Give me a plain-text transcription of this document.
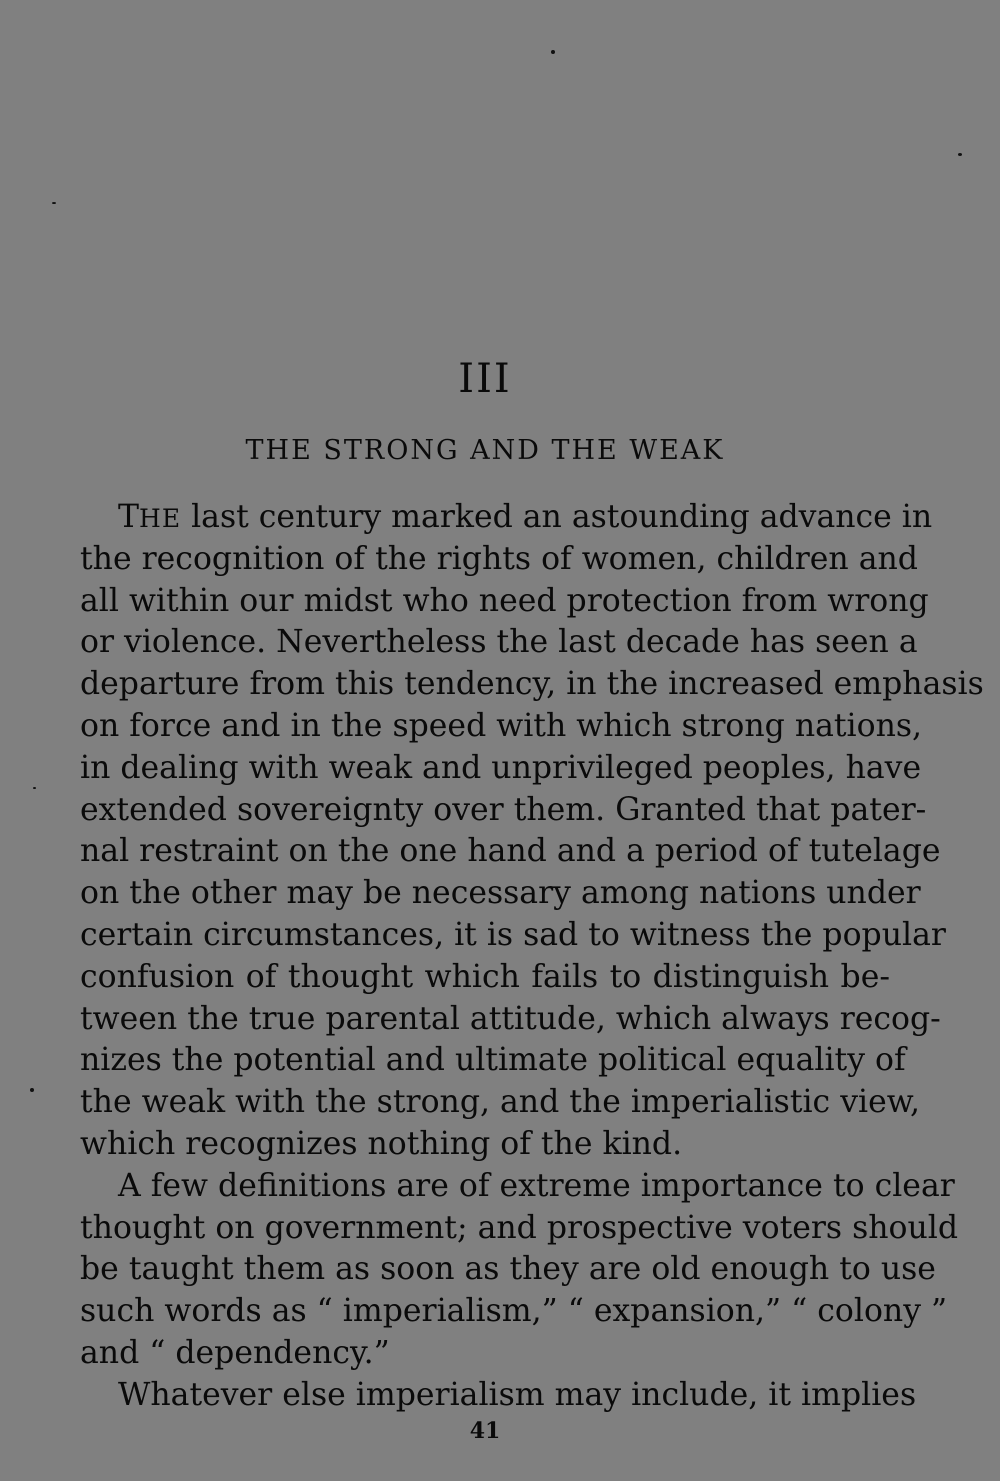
III
THE STRONG AND THE WEAK
THE last century marked an astounding advance in
the recognition of the rights of women, children and
all within our midst who need protection from wrong
or violence. Nevertheless the last decade has seen a
departure from this tendency, in the increased emphasis
on force and in the speed with which strong nations,
in dealing with weak and unprivileged peoples, have
extended sovereignty over them. Granted that pater-
nal restraint on the one hand and a period of tutelage
on the other may be necessary among nations under
certain circumstances, it is sad to witness the popular
confusion of thought which fails to distinguish be-
tween the true parental attitude, which always recog-
nizes the potential and ultimate political equality of
the weak with the strong, and the imperialistic view,
which recognizes nothing of the kind.
A few definitions are of extreme importance to clear
thought on government; and prospective voters should
be taught them as soon as they are old enough to use
such words as “ imperialism,” “ expansion,” “ colony ”
and “ dependency.”
Whatever else imperialism may include, it implies
41
